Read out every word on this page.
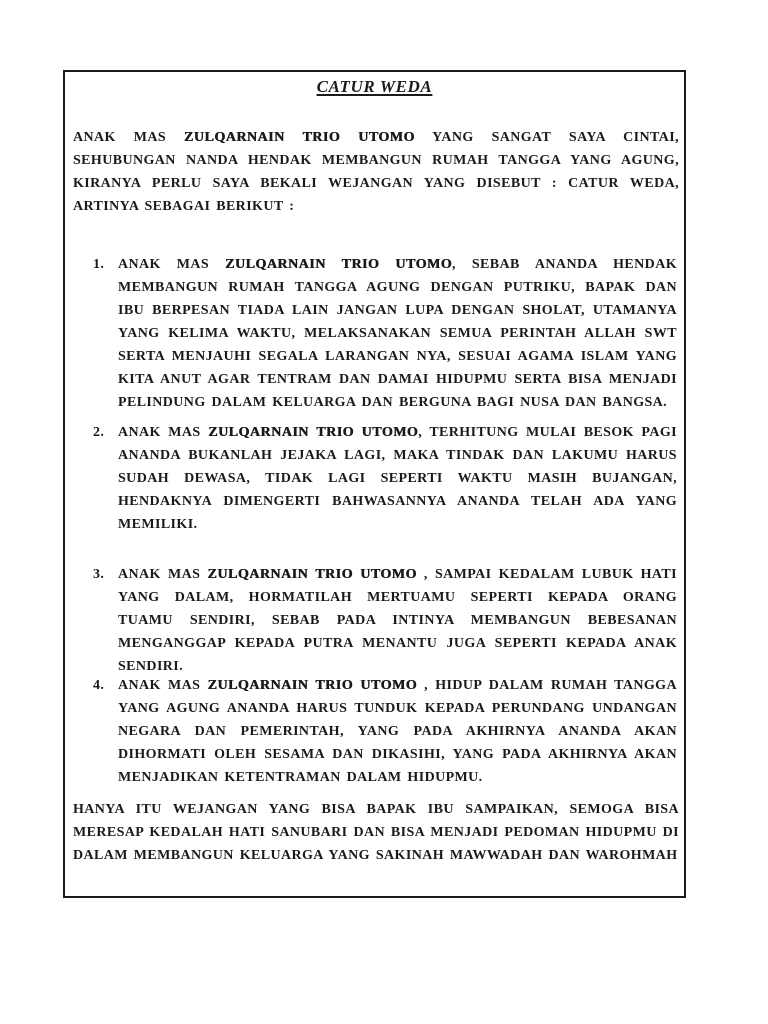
CATUR WEDA

ANAK MAS ZULQARNAIN TRIO UTOMO YANG SANGAT SAYA CINTAI, SEHUBUNGAN NANDA HENDAK MEMBANGUN RUMAH TANGGA YANG AGUNG, KIRANYA PERLU SAYA BEKALI WEJANGAN YANG DISEBUT : CATUR WEDA, ARTINYA SEBAGAI BERIKUT :

1. ANAK MAS ZULQARNAIN TRIO UTOMO, SEBAB ANANDA HENDAK MEMBANGUN RUMAH TANGGA AGUNG DENGAN PUTRIKU, BAPAK DAN IBU BERPESAN TIADA LAIN JANGAN LUPA DENGAN SHOLAT, UTAMANYA YANG KELIMA WAKTU, MELAKSANAKAN SEMUA PERINTAH ALLAH SWT SERTA MENJAUHI SEGALA LARANGAN NYA, SESUAI AGAMA ISLAM YANG KITA ANUT AGAR TENTRAM DAN DAMAI HIDUPMU SERTA BISA MENJADI PELINDUNG DALAM KELUARGA DAN BERGUNA BAGI NUSA DAN BANGSA.

2. ANAK MAS ZULQARNAIN TRIO UTOMO, TERHITUNG MULAI BESOK PAGI ANANDA BUKANLAH JEJAKA LAGI, MAKA TINDAK DAN LAKUMU HARUS SUDAH DEWASA, TIDAK LAGI SEPERTI WAKTU MASIH BUJANGAN, HENDAKNYA DIMENGERTI BAHWASANNYA ANANDA TELAH ADA YANG MEMILIKI.

3. ANAK MAS ZULQARNAIN TRIO UTOMO , SAMPAI KEDALAM LUBUK HATI YANG DALAM, HORMATILAH MERTUAMU SEPERTI KEPADA ORANG TUAMU SENDIRI, SEBAB PADA INTINYA MEMBANGUN BEBESANAN MENGANGGAP KEPADA PUTRA MENANTU JUGA SEPERTI KEPADA ANAK SENDIRI.

4. ANAK MAS ZULQARNAIN TRIO UTOMO , HIDUP DALAM RUMAH TANGGA YANG AGUNG ANANDA HARUS TUNDUK KEPADA PERUNDANG UNDANGAN NEGARA DAN PEMERINTAH, YANG PADA AKHIRNYA ANANDA AKAN DIHORMATI OLEH SESAMA DAN DIKASIHI, YANG PADA AKHIRNYA AKAN MENJADIKAN KETENTRAMAN DALAM HIDUPMU.

HANYA ITU WEJANGAN YANG BISA BAPAK IBU SAMPAIKAN, SEMOGA BISA MERESAP KEDALAH HATI SANUBARI DAN BISA MENJADI PEDOMAN HIDUPMU DI DALAM MEMBANGUN KELUARGA YANG SAKINAH MAWWADAH DAN WAROHMAH
